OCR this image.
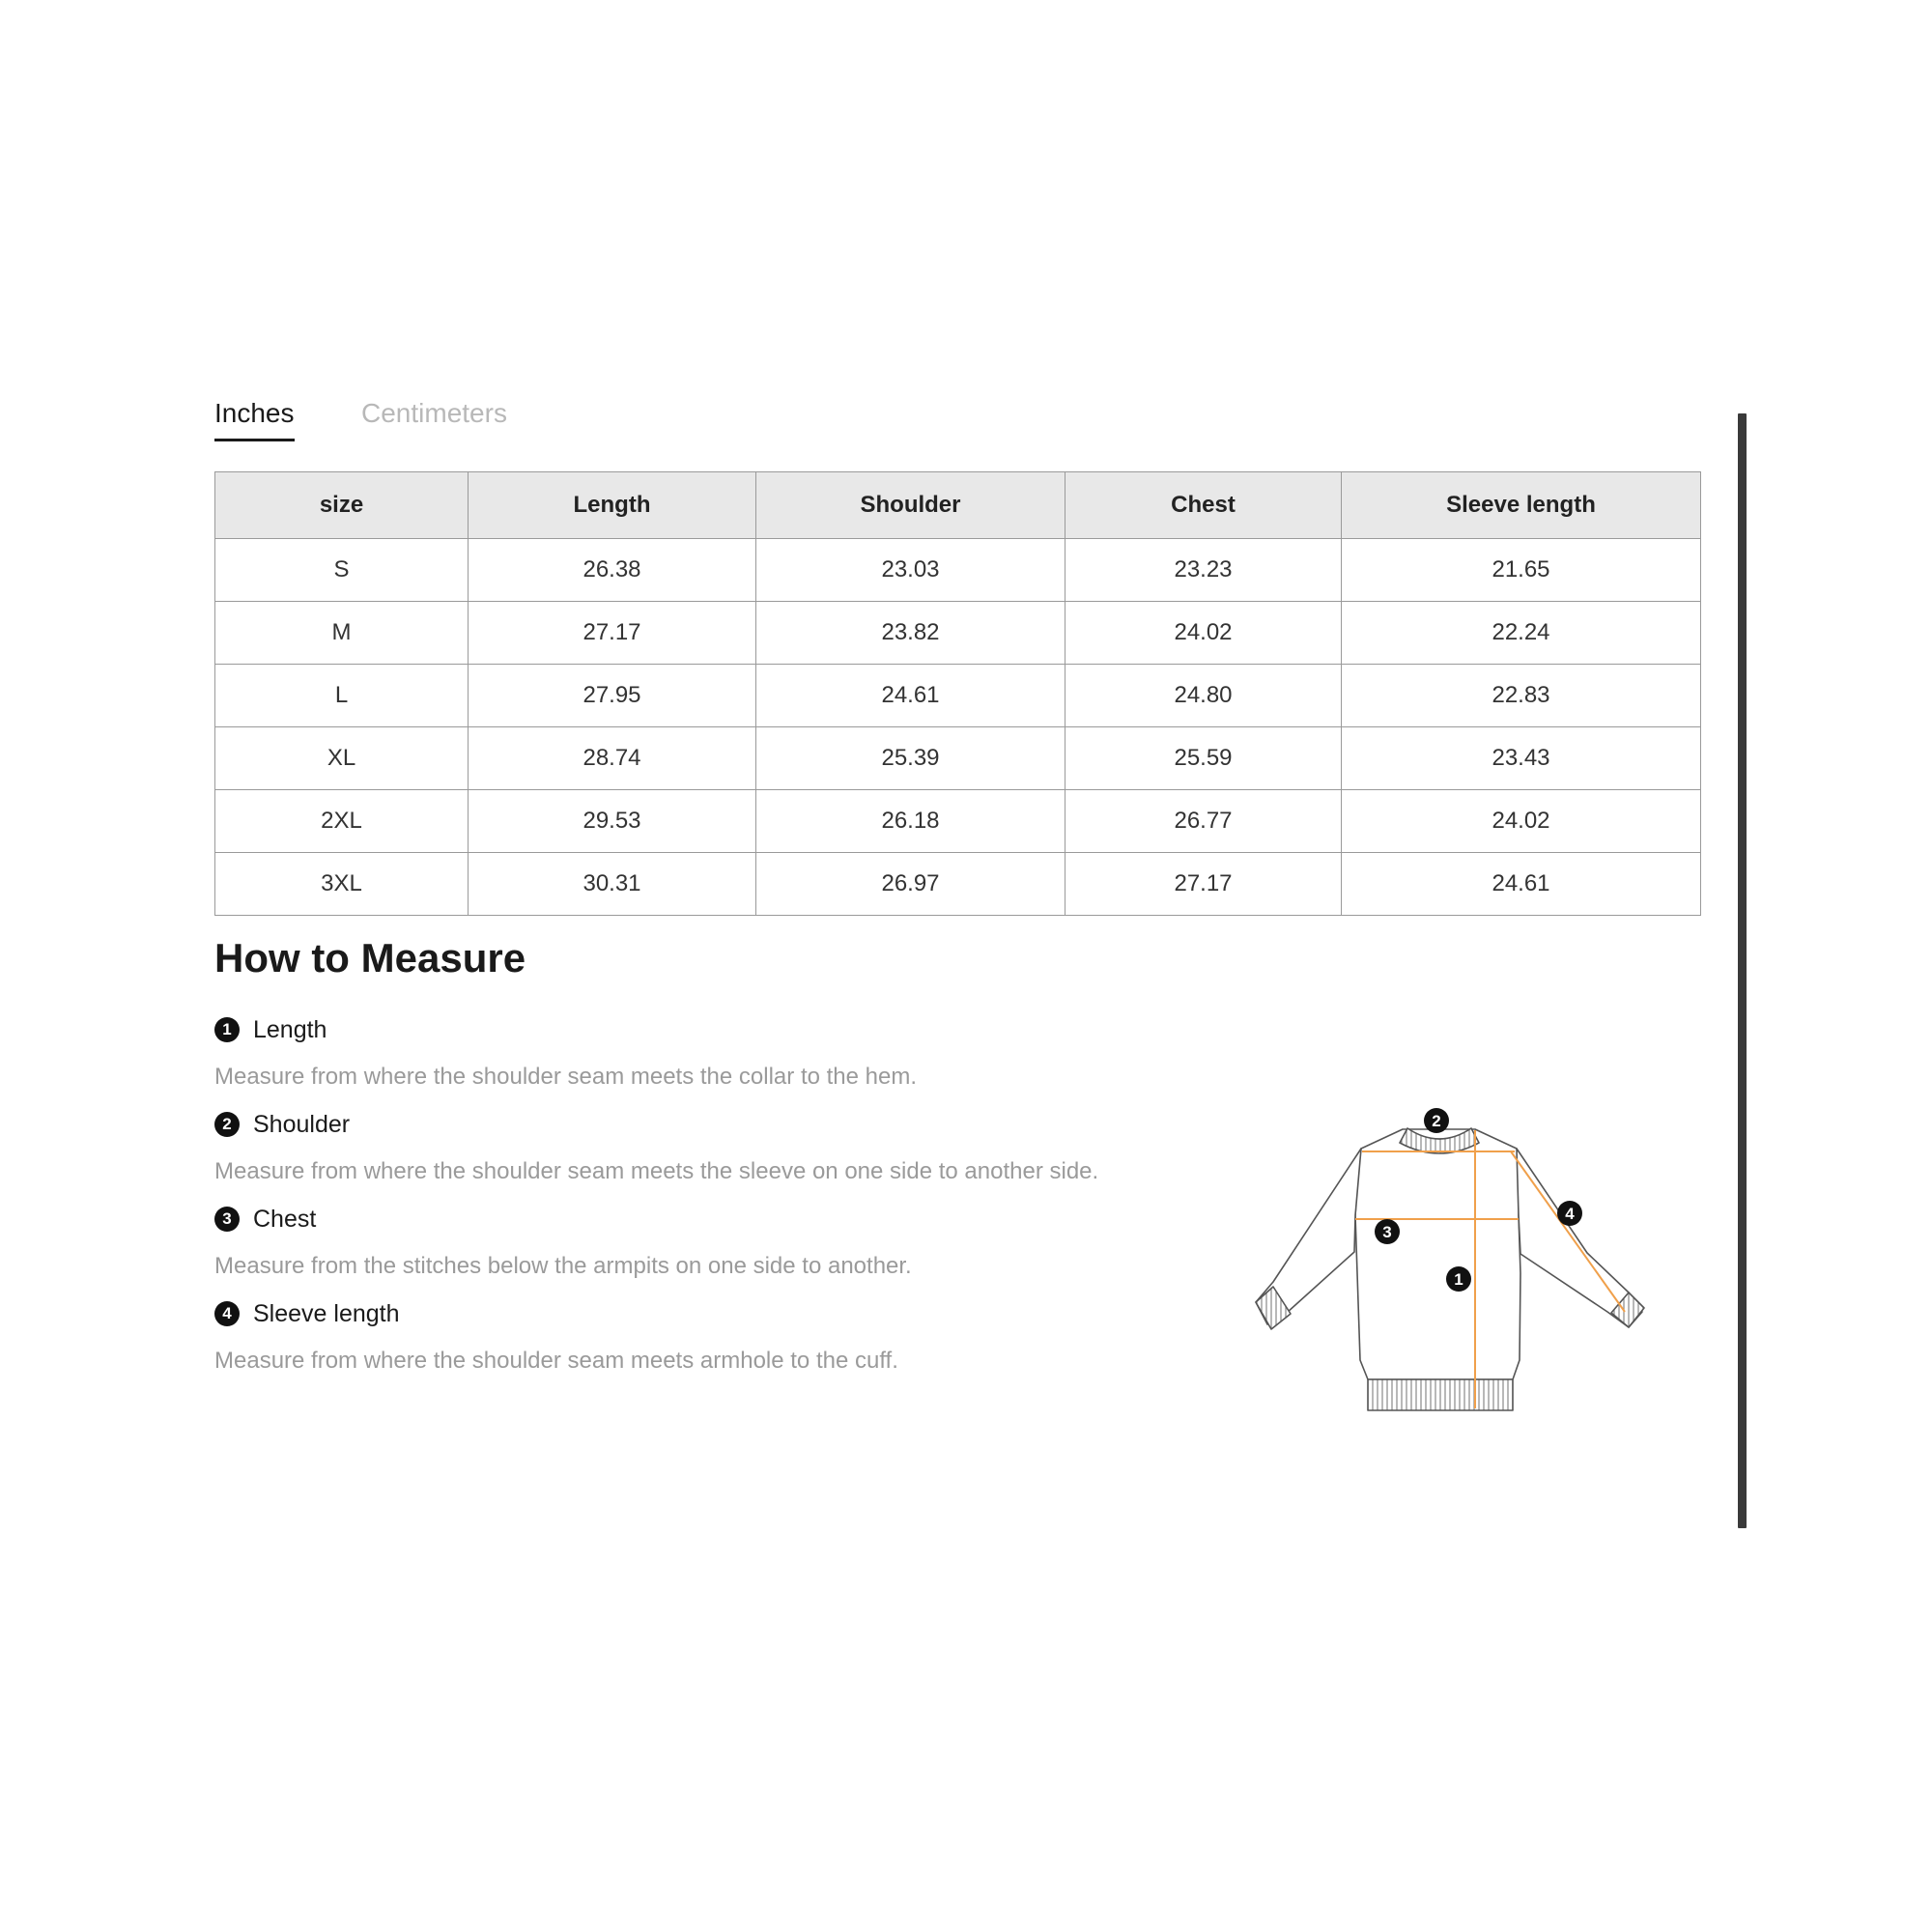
Inches Centimeters
size	Length	Shoulder	Chest	Sleeve length
S	26.38	23.03	23.23	21.65
M	27.17	23.82	24.02	22.24
L	27.95	24.61	24.80	22.83
XL	28.74	25.39	25.59	23.43
2XL	29.53	26.18	26.77	24.02
3XL	30.31	26.97	27.17	24.61
How to Measure
1 Length
Measure from where the shoulder seam meets the collar to the hem.
2 Shoulder
Measure from where the shoulder seam meets the sleeve on one side to another side.
3 Chest
Measure from the stitches below the armpits on one side to another.
4 Sleeve length
Measure from where the shoulder seam meets armhole to the cuff.
2
3
1
4
